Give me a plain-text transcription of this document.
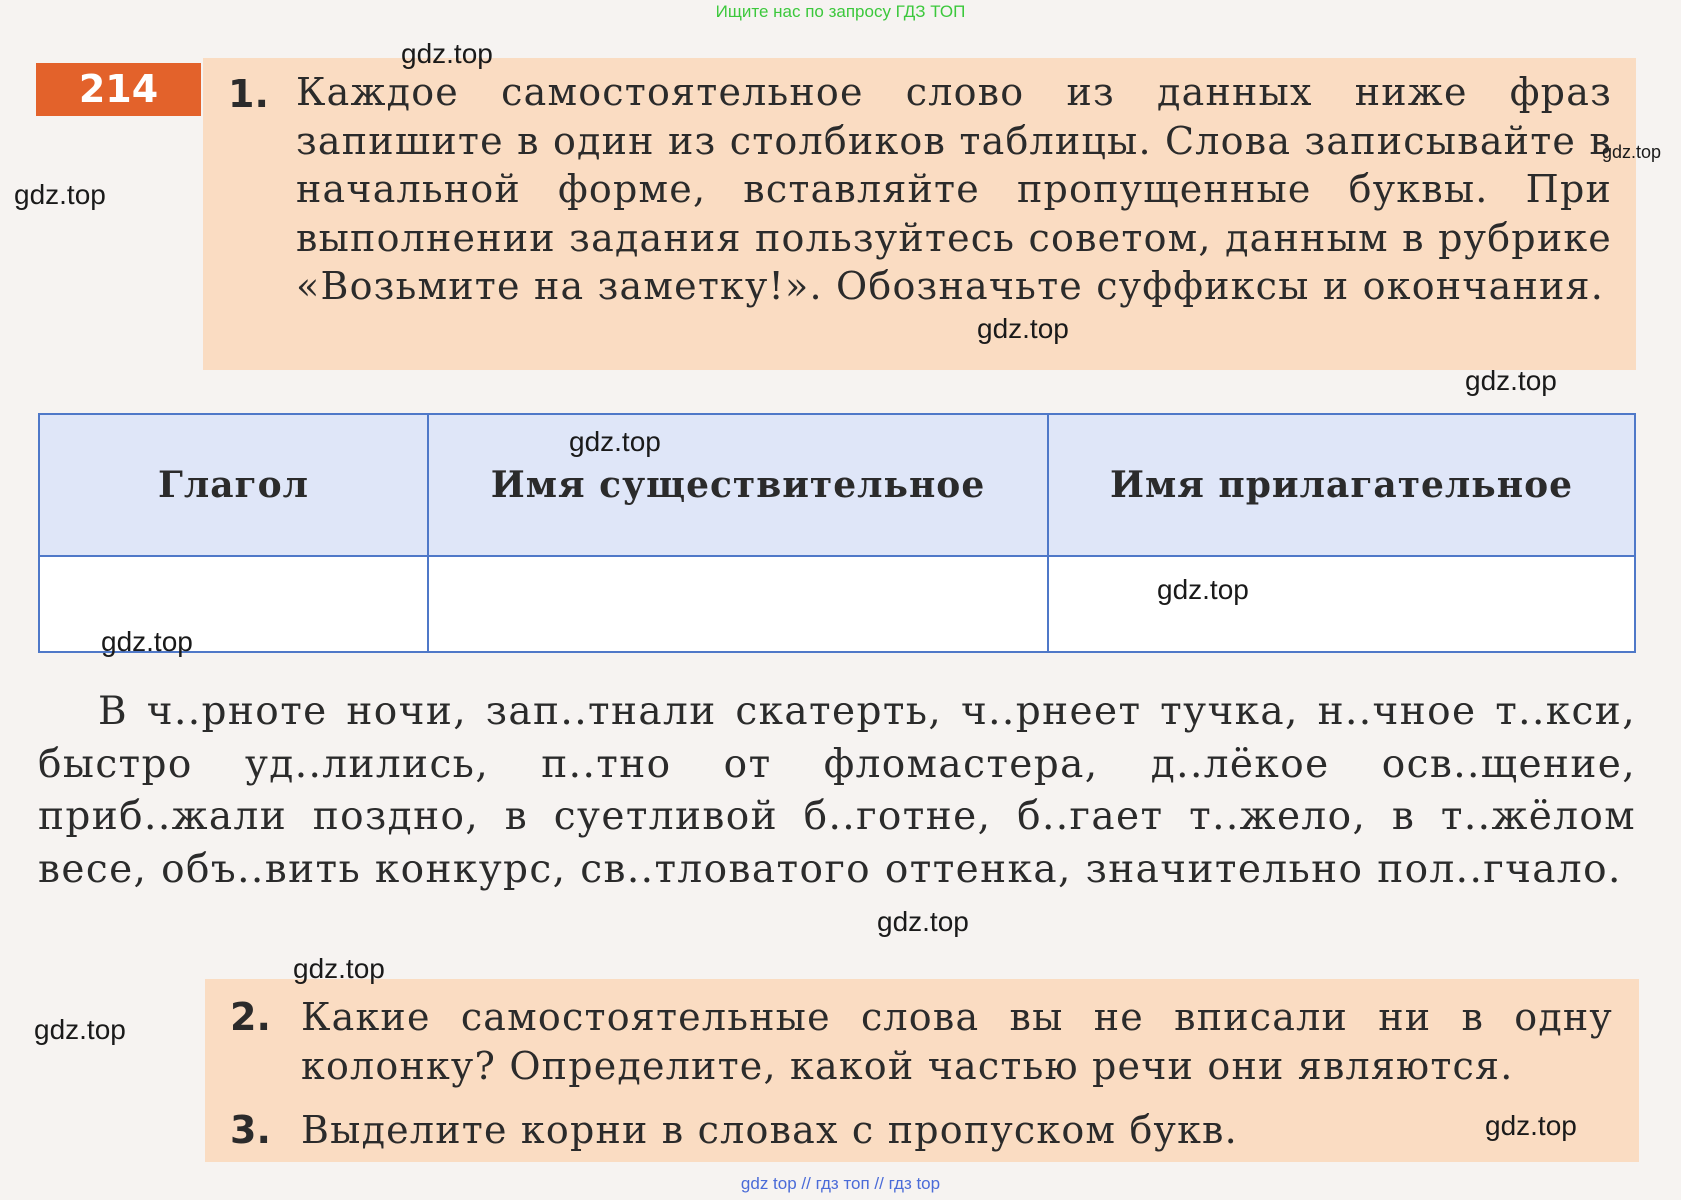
Ищите нас по запросу ГДЗ ТОП
214	1. Каждое самостоятельное слово из данных ниже фраз запишите в один из столбиков таблицы. Слова записывайте в начальной форме, вставляйте пропущенные буквы. При выполнении задания пользуйтесь советом, данным в рубрике «Возьмите на заметку!». Обозначьте суффиксы и окончания.
Глагол	Имя существительное	Имя прилагательное

В ч..рноте ночи, зап..тнали скатерть, ч..рнеет тучка, н..чное т..кси, быстро уд..лились, п..тно от фломастера, д..лёкое осв..щение, приб..жали поздно, в суетливой б..готне, б..гает т..жело, в т..жёлом весе, объ..вить конкурс, св..тловатого оттенка, значительно пол..гчало.
2. Какие самостоятельные слова вы не вписали ни в одну колонку? Определите, какой частью речи они являются.
3. Выделите корни в словах с пропуском букв.
gdz.top
gdz.top
gdz.top
gdz.top
gdz.top
gdz.top
gdz.top
gdz.top
gdz.top
gdz.top
gdz.top
gdz.top
gdz top // гдз топ // гдз top
